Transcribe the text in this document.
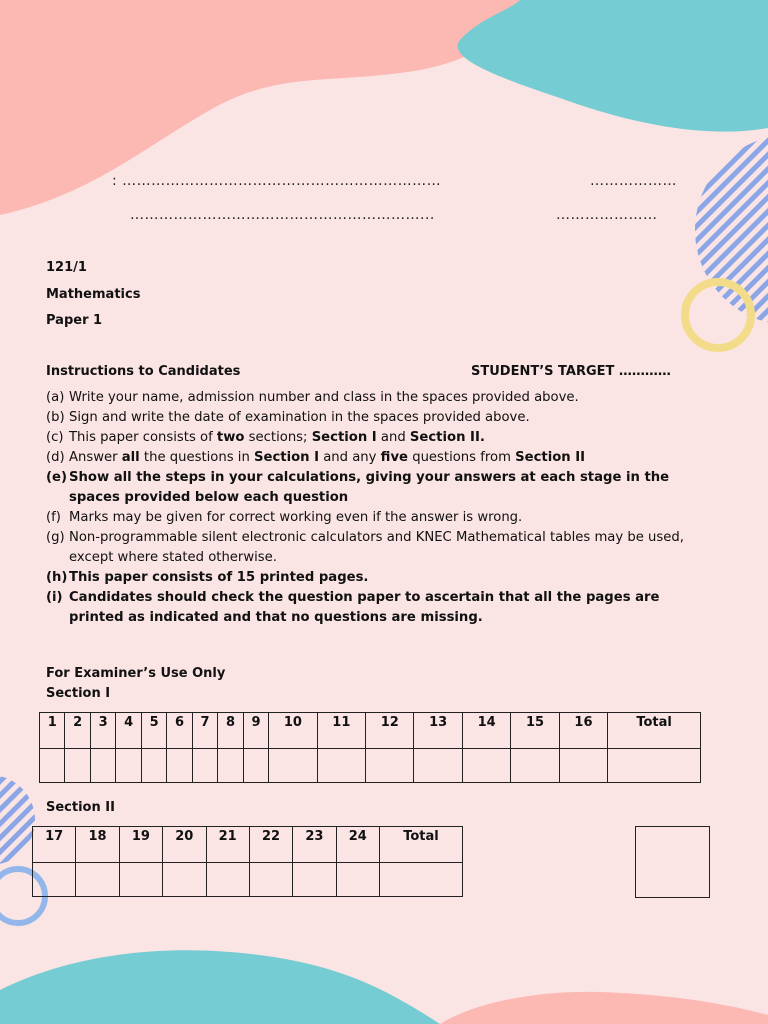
: …………………………………………………………	………………
……………………………………………………...	…………………
121/1
Mathematics
Paper 1
Instructions to Candidates	STUDENT’S TARGET …………
(a) Write your name, admission number and class in the spaces provided above.
(b) Sign and write the date of examination in the spaces provided above.
(c) This paper consists of two sections; Section I and Section II.
(d) Answer all the questions in Section I and any five questions from Section II
(e) Show all the steps in your calculations, giving your answers at each stage in the spaces provided below each question
(f) Marks may be given for correct working even if the answer is wrong.
(g) Non-programmable silent electronic calculators and KNEC Mathematical tables may be used, except where stated otherwise.
(h) This paper consists of 15 printed pages.
(i) Candidates should check the question paper to ascertain that all the pages are printed as indicated and that no questions are missing.
For Examiner’s Use Only
Section I
1	2	3	4	5	6	7	8	9	10	11	12	13	14	15	16	Total

Section II
17	18	19	20	21	22	23	24	Total
